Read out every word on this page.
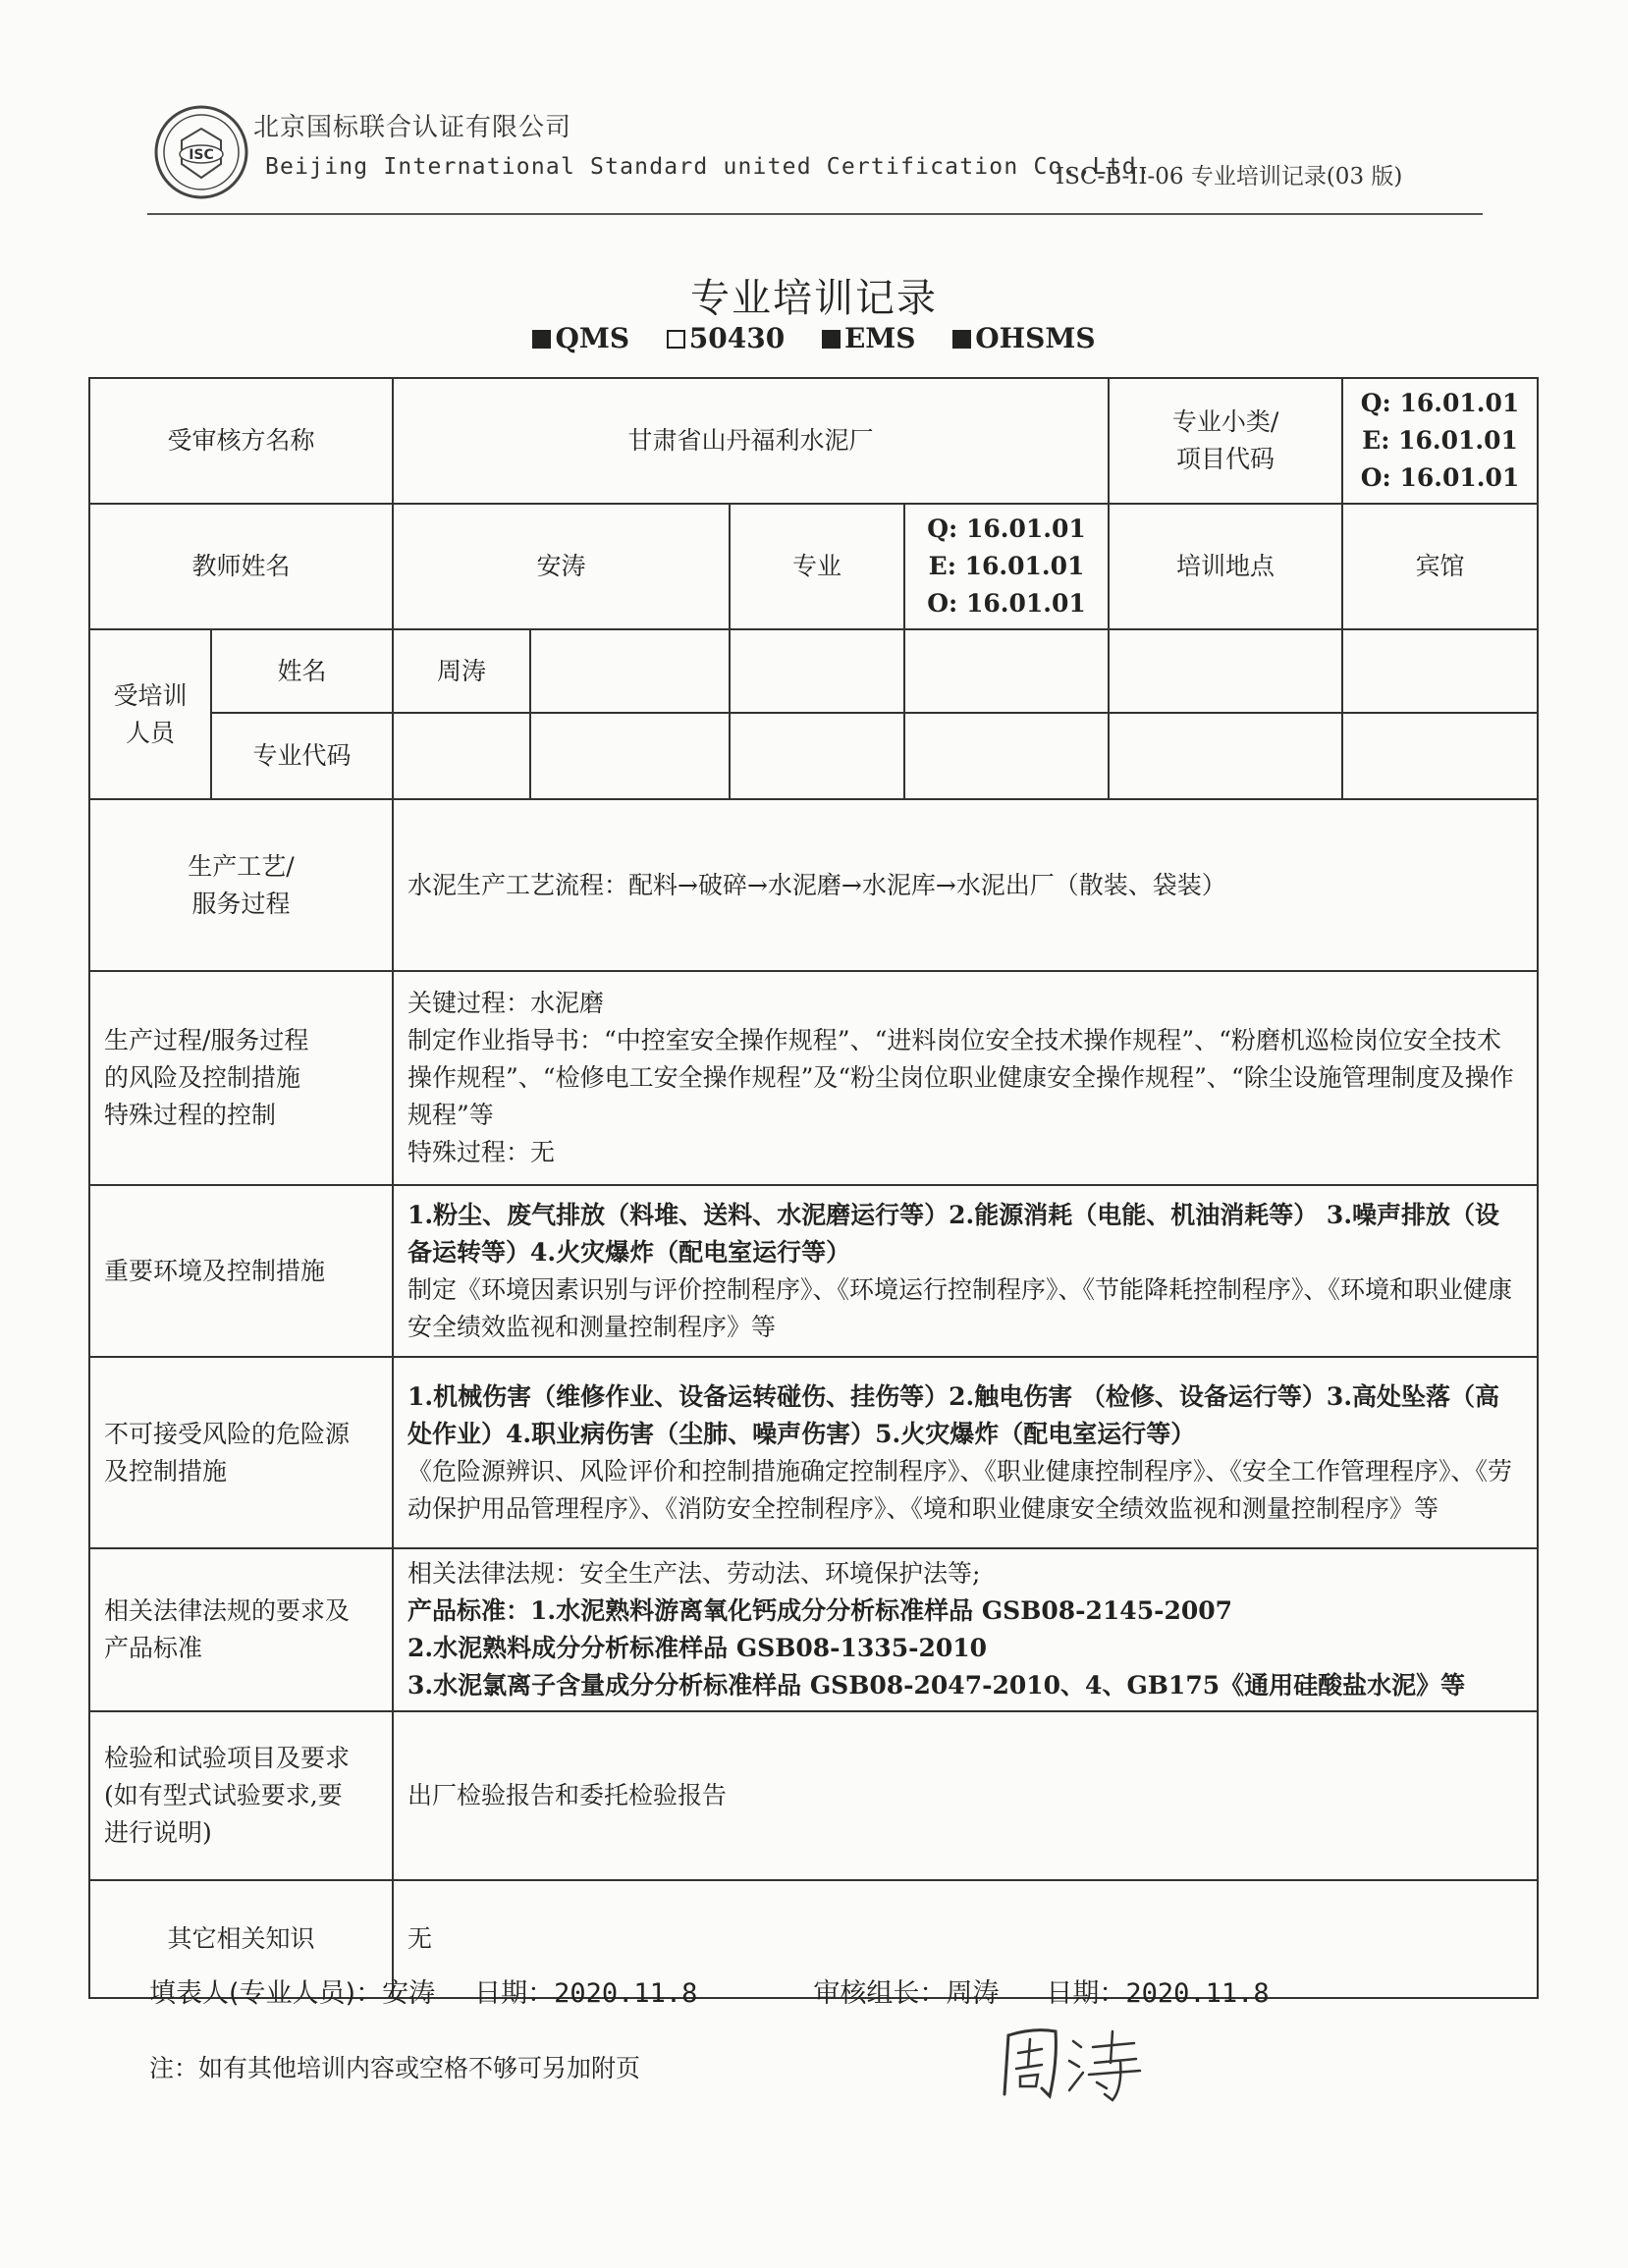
ISC
北京国标联合认证有限公司
Beijing International Standard united Certification Co.,Ltd.
ISC-B-II-06 专业培训记录(03 版)
专业培训记录
QMS 50430 EMS OHSMS
受审核方名称		甘肃省山丹福利水泥厂				专业小类/
项目代码	Q: 16.01.01
E: 16.01.01
O: 16.01.01

教师姓名		安涛		专业	Q: 16.01.01
E: 16.01.01
O: 16.01.01	培训地点	宾馆

受培训
人员	姓名	周涛					
	专业代码						

生产工艺/
服务过程		水泥生产工艺流程：配料→破碎→水泥磨→水泥库→水泥出厂（散装、袋装）					

生产过程/服务过程
的风险及控制措施
特殊过程的控制		关键过程：水泥磨
制定作业指导书：“中控室安全操作规程”、“进料岗位安全技术操作规程”、“粉磨机巡检岗位安全技术操作规程”、“检修电工安全操作规程”及“粉尘岗位职业健康安全操作规程”、“除尘设施管理制度及操作规程”等
特殊过程：无					

重要环境及控制措施		1.粉尘、废气排放（料堆、送料、水泥磨运行等）2.能源消耗（电能、机油消耗等） 3.噪声排放（设备运转等）4.火灾爆炸（配电室运行等）
制定《环境因素识别与评价控制程序》、《环境运行控制程序》、《节能降耗控制程序》、《环境和职业健康安全绩效监视和测量控制程序》等					

不可接受风险的危险源
及控制措施		1.机械伤害（维修作业、设备运转碰伤、挂伤等）2.触电伤害 （检修、设备运行等）3.高处坠落（高处作业）4.职业病伤害（尘肺、噪声伤害）5.火灾爆炸（配电室运行等）
《危险源辨识、风险评价和控制措施确定控制程序》、《职业健康控制程序》、《安全工作管理程序》、《劳动保护用品管理程序》、《消防安全控制程序》、《境和职业健康安全绩效监视和测量控制程序》等					

相关法律法规的要求及
产品标准		相关法律法规：安全生产法、劳动法、环境保护法等;
产品标准：1.水泥熟料游离氧化钙成分分析标准样品 GSB08-2145-2007
2.水泥熟料成分分析标准样品 GSB08-1335-2010
3.水泥氯离子含量成分分析标准样品 GSB08-2047-2010、4、GB175《通用硅酸盐水泥》等					

检验和试验项目及要求
(如有型式试验要求,要
进行说明)		出厂检验报告和委托检验报告					
其它相关知识		无					
填表人(专业人员)：安涛 日期：2020.11.8	审核组长：周涛 日期：2020.11.8
注：如有其他培训内容或空格不够可另加附页
